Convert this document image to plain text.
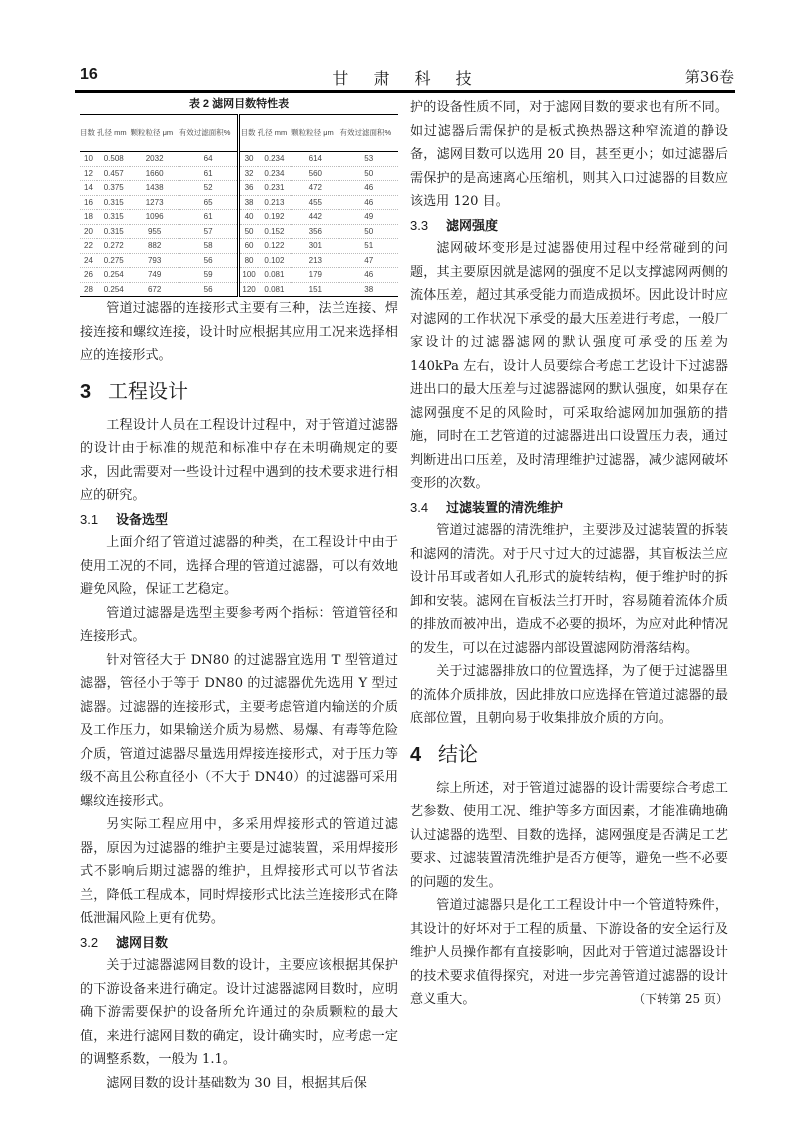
16	甘 肃 科 技	第36卷
表 2 滤网目数特性表
目数	孔径 mm	颗粒粒径 μm	有效过滤面积%	目数	孔径 mm	颗粒粒径 μm	有效过滤面积%
10	0.508	2032	64	30	0.234	614	53
12	0.457	1660	61	32	0.234	560	50
14	0.375	1438	52	36	0.231	472	46
16	0.315	1273	65	38	0.213	455	46
18	0.315	1096	61	40	0.192	442	49
20	0.315	955	57	50	0.152	356	50
22	0.272	882	58	60	0.122	301	51
24	0.275	793	56	80	0.102	213	47
26	0.254	749	59	100	0.081	179	46
28	0.254	672	56	120	0.081	151	38

管道过滤器的连接形式主要有三种，法兰连接、焊接连接和螺纹连接，设计时应根据其应用工况来选择相应的连接形式。

3 工程设计

工程设计人员在工程设计过程中，对于管道过滤器的设计由于标准的规范和标准中存在未明确规定的要求，因此需要对一些设计过程中遇到的技术要求进行相应的研究。

3.1 设备选型

上面介绍了管道过滤器的种类，在工程设计中由于使用工况的不同，选择合理的管道过滤器，可以有效地避免风险，保证工艺稳定。

管道过滤器是选型主要参考两个指标：管道管径和连接形式。

针对管径大于 DN80 的过滤器宜选用 T 型管道过滤器，管径小于等于 DN80 的过滤器优先选用 Y 型过滤器。过滤器的连接形式，主要考虑管道内输送的介质及工作压力，如果输送介质为易燃、易爆、有毒等危险介质，管道过滤器尽量选用焊接连接形式，对于压力等级不高且公称直径小（不大于 DN40）的过滤器可采用螺纹连接形式。

另实际工程应用中，多采用焊接形式的管道过滤器，原因为过滤器的维护主要是过滤装置，采用焊接形式不影响后期过滤器的维护，且焊接形式可以节省法兰，降低工程成本，同时焊接形式比法兰连接形式在降低泄漏风险上更有优势。

3.2 滤网目数

关于过滤器滤网目数的设计，主要应该根据其保护的下游设备来进行确定。设计过滤器滤网目数时，应明确下游需要保护的设备所允许通过的杂质颗粒的最大值，来进行滤网目数的确定，设计确实时，应考虑一定的调整系数，一般为 1.1。

滤网目数的设计基础数为 30 目，根据其后保

护的设备性质不同，对于滤网目数的要求也有所不同。如过滤器后需保护的是板式换热器这种窄流道的静设备，滤网目数可以选用 20 目，甚至更小；如过滤器后需保护的是高速离心压缩机，则其入口过滤器的目数应该选用 120 目。

3.3 滤网强度

滤网破坏变形是过滤器使用过程中经常碰到的问题，其主要原因就是滤网的强度不足以支撑滤网两侧的流体压差，超过其承受能力而造成损坏。因此设计时应对滤网的工作状况下承受的最大压差进行考虑，一般厂家设计的过滤器滤网的默认强度可承受的压差为 140kPa 左右，设计人员要综合考虑工艺设计下过滤器进出口的最大压差与过滤器滤网的默认强度，如果存在滤网强度不足的风险时，可采取给滤网加加强筋的措施，同时在工艺管道的过滤器进出口设置压力表，通过判断进出口压差，及时清理维护过滤器，减少滤网破坏变形的次数。

3.4 过滤装置的清洗维护

管道过滤器的清洗维护，主要涉及过滤装置的拆装和滤网的清洗。对于尺寸过大的过滤器，其盲板法兰应设计吊耳或者如人孔形式的旋转结构，便于维护时的拆卸和安装。滤网在盲板法兰打开时，容易随着流体介质的排放而被冲出，造成不必要的损坏，为应对此种情况的发生，可以在过滤器内部设置滤网防滑落结构。

关于过滤器排放口的位置选择，为了便于过滤器里的流体介质排放，因此排放口应选择在管道过滤器的最底部位置，且朝向易于收集排放介质的方向。

4 结论

综上所述，对于管道过滤器的设计需要综合考虑工艺参数、使用工况、维护等多方面因素，才能准确地确认过滤器的选型、目数的选择，滤网强度是否满足工艺要求、过滤装置清洗维护是否方便等，避免一些不必要的问题的发生。

管道过滤器只是化工工程设计中一个管道特殊件，其设计的好坏对于工程的质量、下游设备的安全运行及维护人员操作都有直接影响，因此对于管道过滤器设计的技术要求值得探究，对进一步完善管道过滤器的设计意义重大。	（下转第 25 页）
